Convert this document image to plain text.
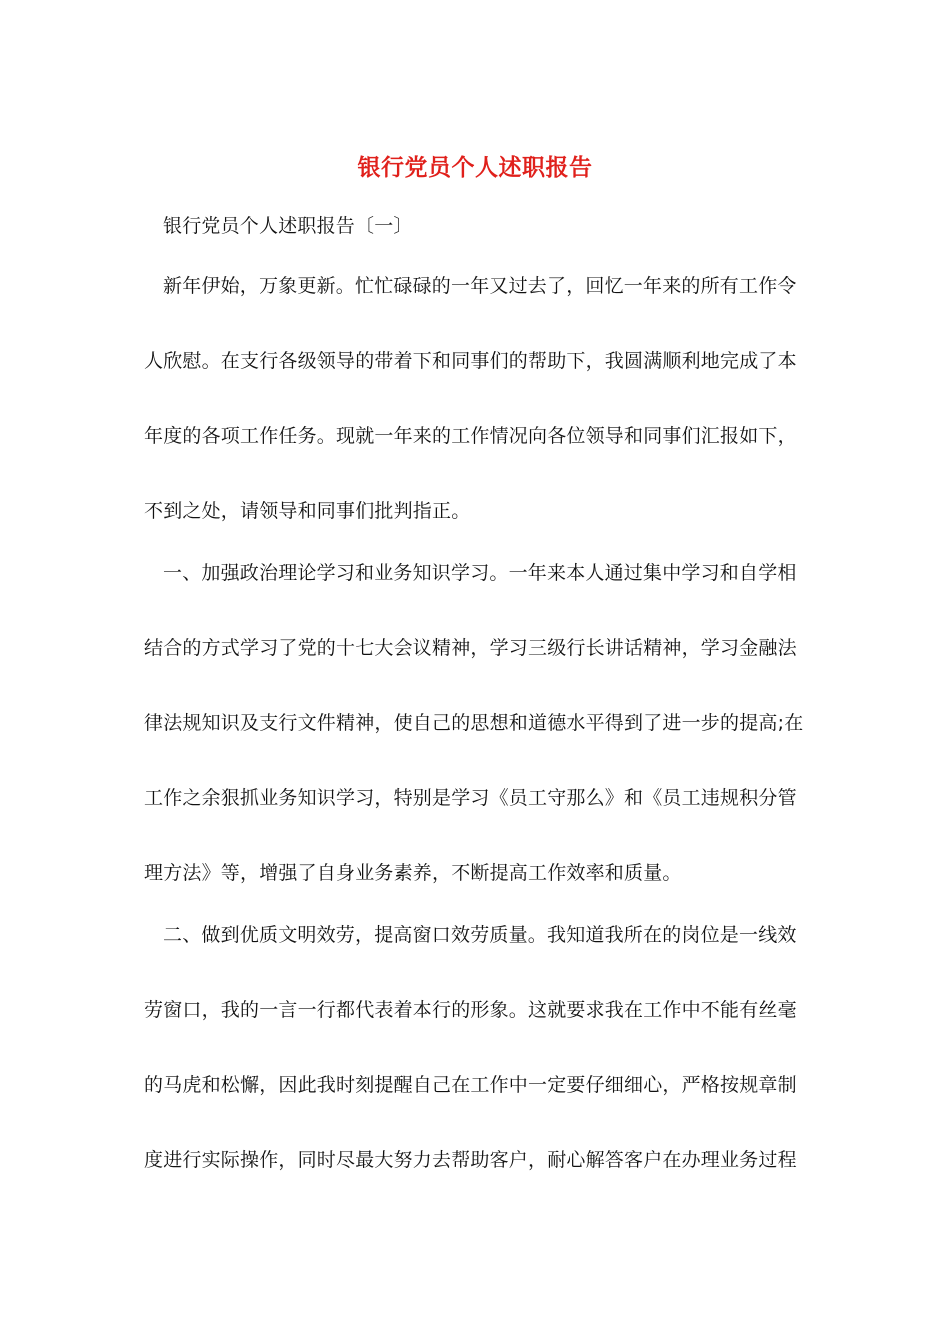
银行党员个人述职报告
银行党员个人述职报告〔一〕
新年伊始，万象更新。忙忙碌碌的一年又过去了，回忆一年来的所有工作令
人欣慰。在支行各级领导的带着下和同事们的帮助下，我圆满顺利地完成了本
年度的各项工作任务。现就一年来的工作情况向各位领导和同事们汇报如下，
不到之处，请领导和同事们批判指正。
一、加强政治理论学习和业务知识学习。一年来本人通过集中学习和自学相
结合的方式学习了党的十七大会议精神，学习三级行长讲话精神，学习金融法
律法规知识及支行文件精神，使自己的思想和道德水平得到了进一步的提高;在
工作之余狠抓业务知识学习，特别是学习《员工守那么》和《员工违规积分管
理方法》等，增强了自身业务素养，不断提高工作效率和质量。
二、做到优质文明效劳，提高窗口效劳质量。我知道我所在的岗位是一线效
劳窗口，我的一言一行都代表着本行的形象。这就要求我在工作中不能有丝毫
的马虎和松懈，因此我时刻提醒自己在工作中一定要仔细细心，严格按规章制
度进行实际操作，同时尽最大努力去帮助客户，耐心解答客户在办理业务过程
